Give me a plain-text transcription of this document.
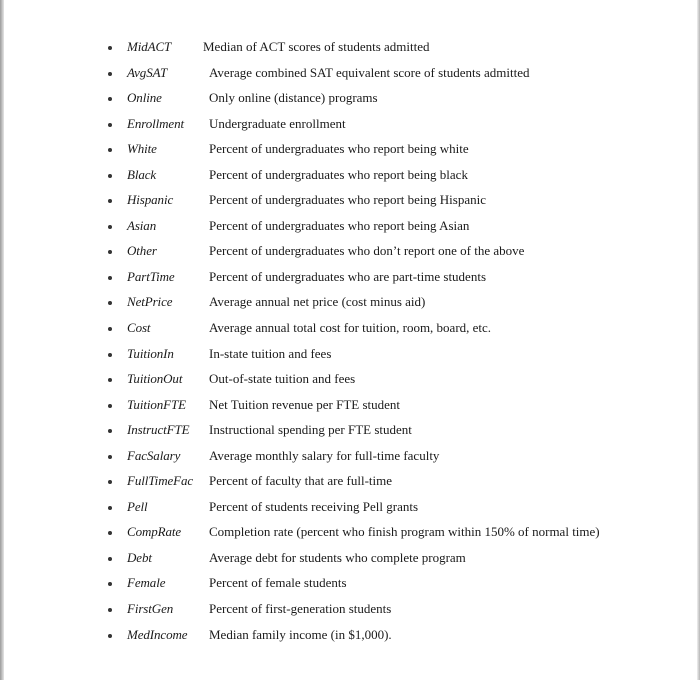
MidACT Median of ACT scores of students admitted
AvgSAT	Average combined SAT equivalent score of students admitted
Online	Only online (distance) programs
Enrollment Undergraduate enrollment
White	Percent of undergraduates who report being white
Black	Percent of undergraduates who report being black
Hispanic	Percent of undergraduates who report being Hispanic
Asian	Percent of undergraduates who report being Asian
Other	Percent of undergraduates who don’t report one of the above
PartTime	Percent of undergraduates who are part-time students
NetPrice	Average annual net price (cost minus aid)
Cost	Average annual total cost for tuition, room, board, etc.
TuitionIn	In-state tuition and fees
TuitionOut Out-of-state tuition and fees
TuitionFTE Net Tuition revenue per FTE student
InstructFTE Instructional spending per FTE student
FacSalary Average monthly salary for full-time faculty
FullTimeFac Percent of faculty that are full-time
Pell	Percent of students receiving Pell grants
CompRate Completion rate (percent who finish program within 150% of normal time)
Debt	Average debt for students who complete program
Female	Percent of female students
FirstGen	Percent of first-generation students
MedIncome Median family income (in $1,000).
